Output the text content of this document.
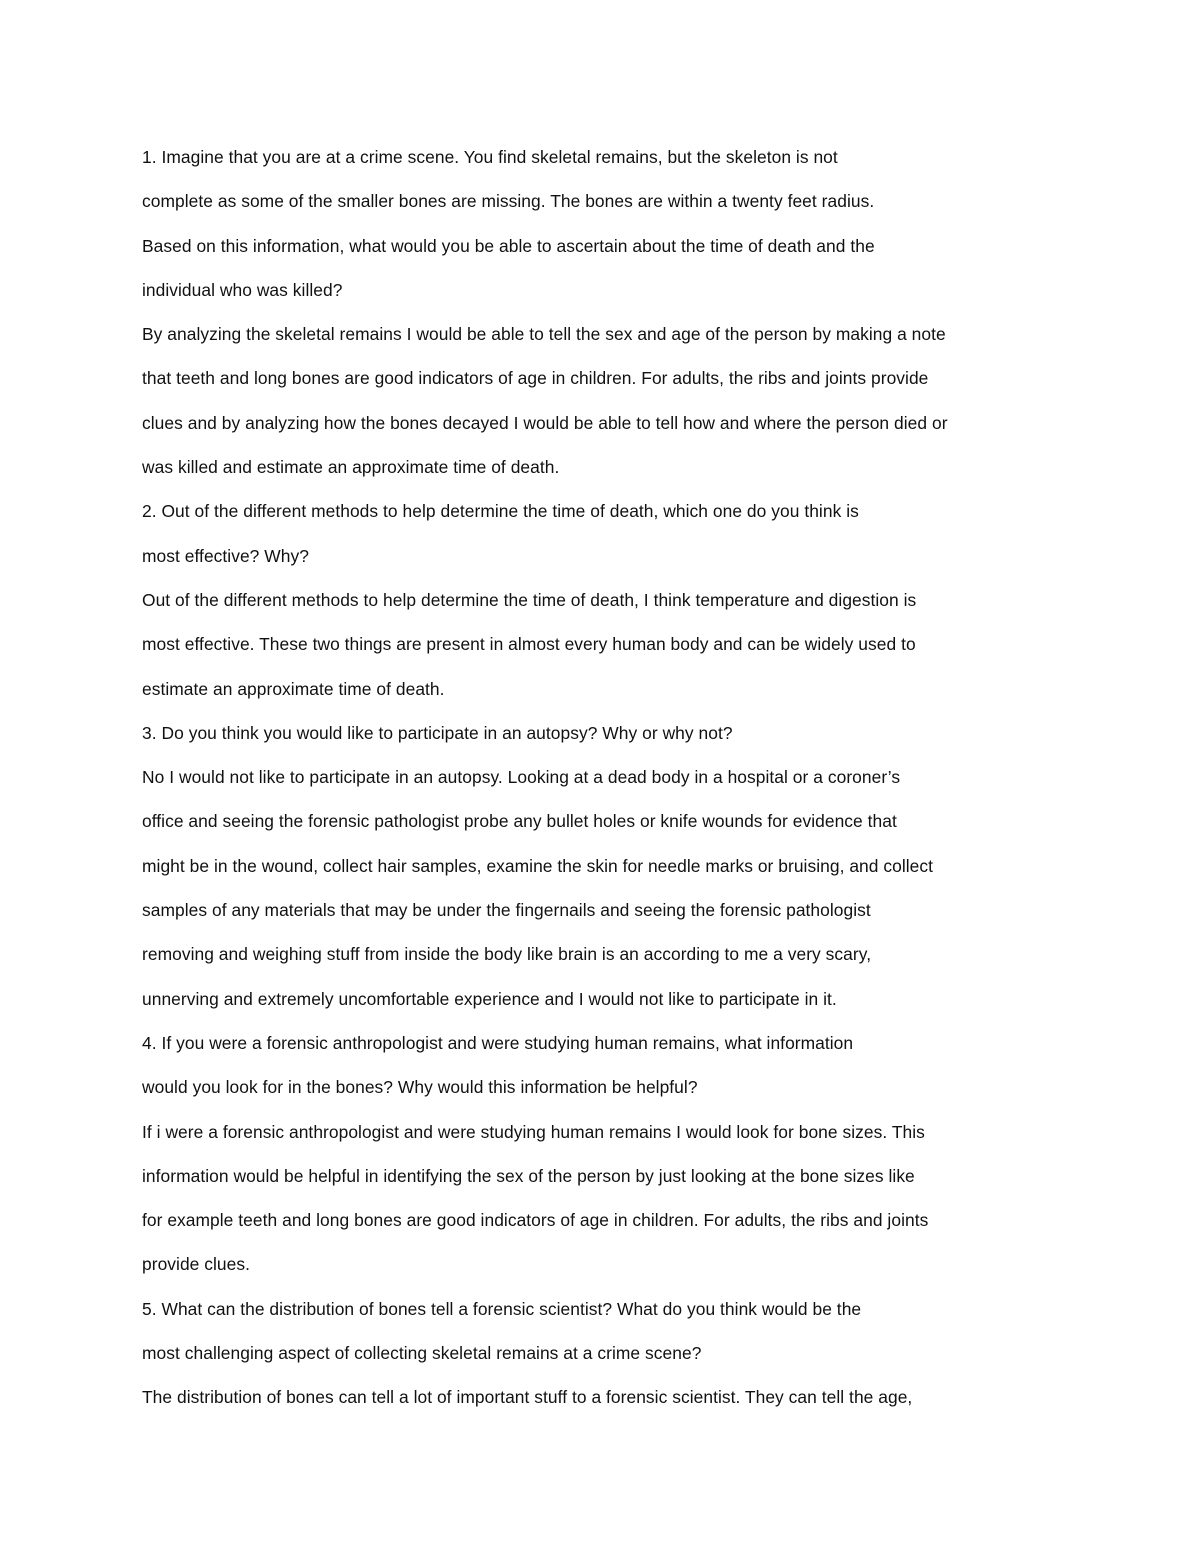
1. Imagine that you are at a crime scene. You find skeletal remains, but the skeleton is not
complete as some of the smaller bones are missing. The bones are within a twenty feet radius.
Based on this information, what would you be able to ascertain about the time of death and the
individual who was killed?
By analyzing the skeletal remains I would be able to tell the sex and age of the person by making a note
that teeth and long bones are good indicators of age in children. For adults, the ribs and joints provide
clues and by analyzing how the bones decayed I would be able to tell how and where the person died or
was killed and estimate an approximate time of death.
2. Out of the different methods to help determine the time of death, which one do you think is
most effective? Why?
Out of the different methods to help determine the time of death, I think temperature and digestion is
most effective. These two things are present in almost every human body and can be widely used to
estimate an approximate time of death.
3. Do you think you would like to participate in an autopsy? Why or why not?
No I would not like to participate in an autopsy. Looking at a dead body in a hospital or a coroner’s
office and seeing the forensic pathologist probe any bullet holes or knife wounds for evidence that
might be in the wound, collect hair samples, examine the skin for needle marks or bruising, and collect
samples of any materials that may be under the fingernails and seeing the forensic pathologist
removing and weighing stuff from inside the body like brain is an according to me a very scary,
unnerving and extremely uncomfortable experience and I would not like to participate in it.
4. If you were a forensic anthropologist and were studying human remains, what information
would you look for in the bones? Why would this information be helpful?
If i were a forensic anthropologist and were studying human remains I would look for bone sizes. This
information would be helpful in identifying the sex of the person by just looking at the bone sizes like
for example teeth and long bones are good indicators of age in children. For adults, the ribs and joints
provide clues.
5. What can the distribution of bones tell a forensic scientist? What do you think would be the
most challenging aspect of collecting skeletal remains at a crime scene?
The distribution of bones can tell a lot of important stuff to a forensic scientist. They can tell the age,
